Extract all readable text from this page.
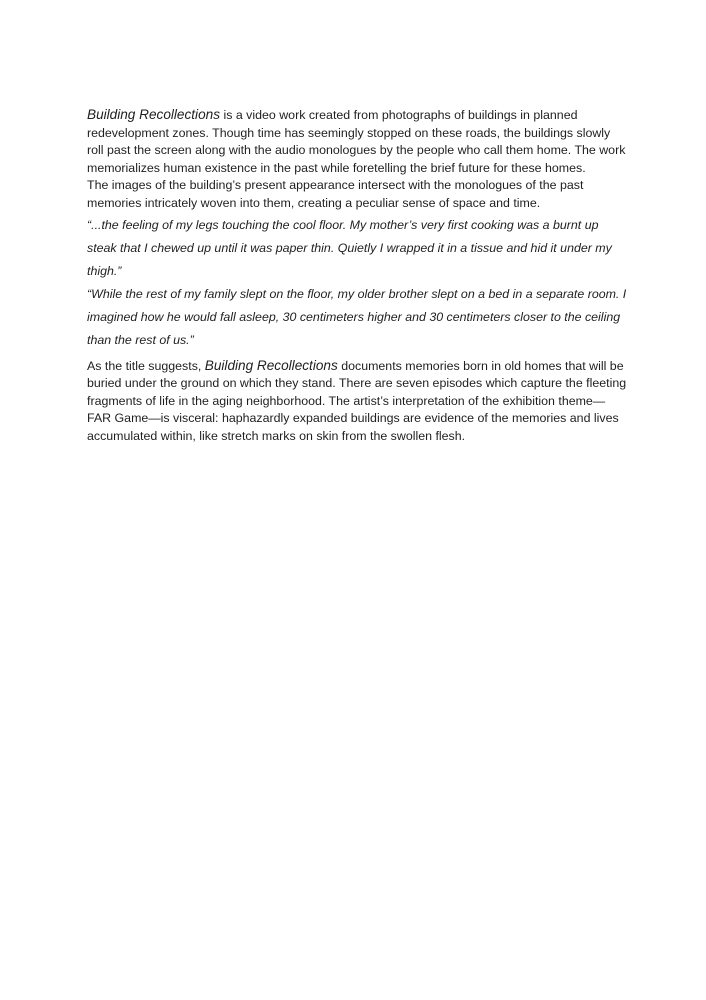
Building Recollections is a video work created from photographs of buildings in planned redevelopment zones. Though time has seemingly stopped on these roads, the buildings slowly roll past the screen along with the audio monologues by the people who call them home. The work memorializes human existence in the past while foretelling the brief future for these homes.

The images of the building’s present appearance intersect with the monologues of the past memories intricately woven into them, creating a peculiar sense of space and time.

“...the feeling of my legs touching the cool floor. My mother’s very first cooking was a burnt up steak that I chewed up until it was paper thin. Quietly I wrapped it in a tissue and hid it under my thigh.”

“While the rest of my family slept on the floor, my older brother slept on a bed in a separate room. I imagined how he would fall asleep, 30 centimeters higher and 30 centimeters closer to the ceiling than the rest of us.”

As the title suggests, Building Recollections documents memories born in old homes that will be buried under the ground on which they stand. There are seven episodes which capture the fleeting fragments of life in the aging neighborhood. The artist’s interpretation of the exhibition theme—FAR Game—is visceral: haphazardly expanded buildings are evidence of the memories and lives accumulated within, like stretch marks on skin from the swollen flesh.
